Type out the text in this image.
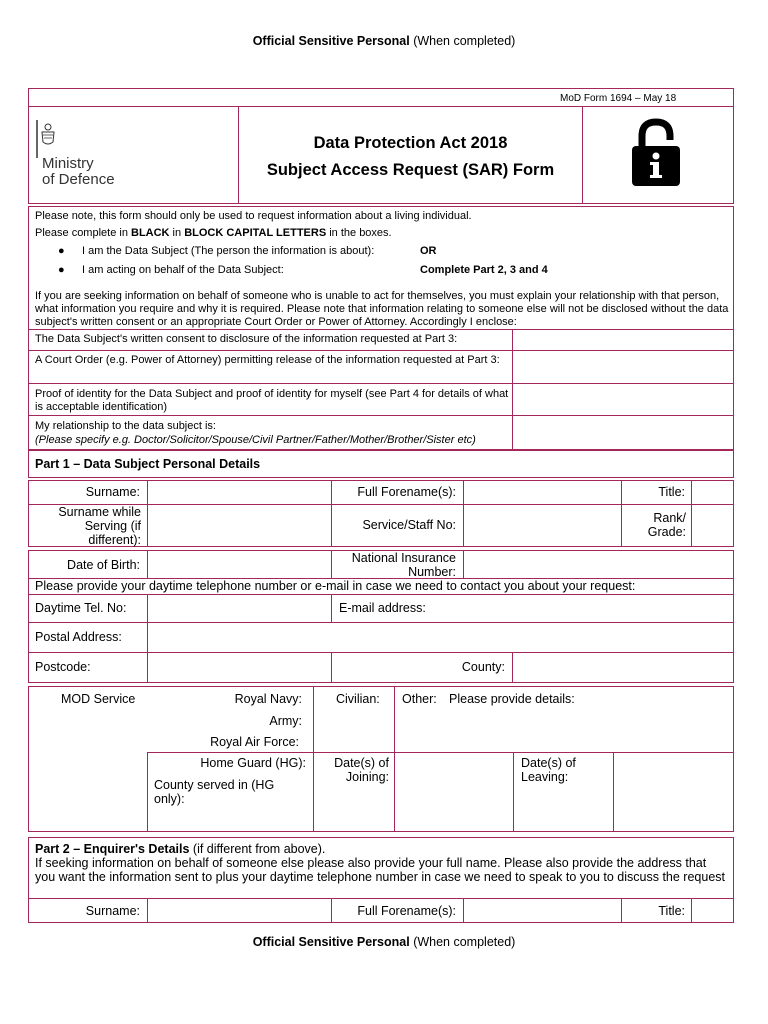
Official Sensitive Personal (When completed)
MoD Form 1694 – May 18
Ministry
of Defence
Data Protection Act 2018
Subject Access Request (SAR) Form
Please note, this form should only be used to request information about a living individual.
Please complete in BLACK in BLOCK CAPITAL LETTERS in the boxes.
● I am the Data Subject (The person the information is about):	OR
● I am acting on behalf of the Data Subject:	Complete Part 2, 3 and 4
If you are seeking information on behalf of someone who is unable to act for themselves, you must explain your relationship with that person, what information you require and why it is required. Please note that information relating to someone else will not be disclosed without the data subject's written consent or an appropriate Court Order or Power of Attorney. Accordingly I enclose:
The Data Subject's written consent to disclosure of the information requested at Part 3:
A Court Order (e.g. Power of Attorney) permitting release of the information requested at Part 3:
Proof of identity for the Data Subject and proof of identity for myself (see Part 4 for details of what is acceptable identification)
My relationship to the data subject is:
(Please specify e.g. Doctor/Solicitor/Spouse/Civil Partner/Father/Mother/Brother/Sister etc)
Part 1 – Data Subject Personal Details
Surname:	Full Forename(s):	Title:
Surname while Serving (if different):
Service/Staff No:	Rank/ Grade:
Date of Birth:	National Insurance Number:
Please provide your daytime telephone number or e-mail in case we need to contact you about your request:
Daytime Tel. No:	E-mail address:
Postal Address:
Postcode:	County:
MOD Service	Royal Navy:
Army:
Royal Air Force:
Civilian: Other: Please provide details:
Home Guard (HG):
County served in (HG only):
Date(s) of Joining:
Date(s) of Leaving:
Part 2 – Enquirer's Details (if different from above).
If seeking information on behalf of someone else please also provide your full name. Please also provide the address that you want the information sent to plus your daytime telephone number in case we need to speak to you to discuss the request
Surname:	Full Forename(s):	Title:
Official Sensitive Personal (When completed)
